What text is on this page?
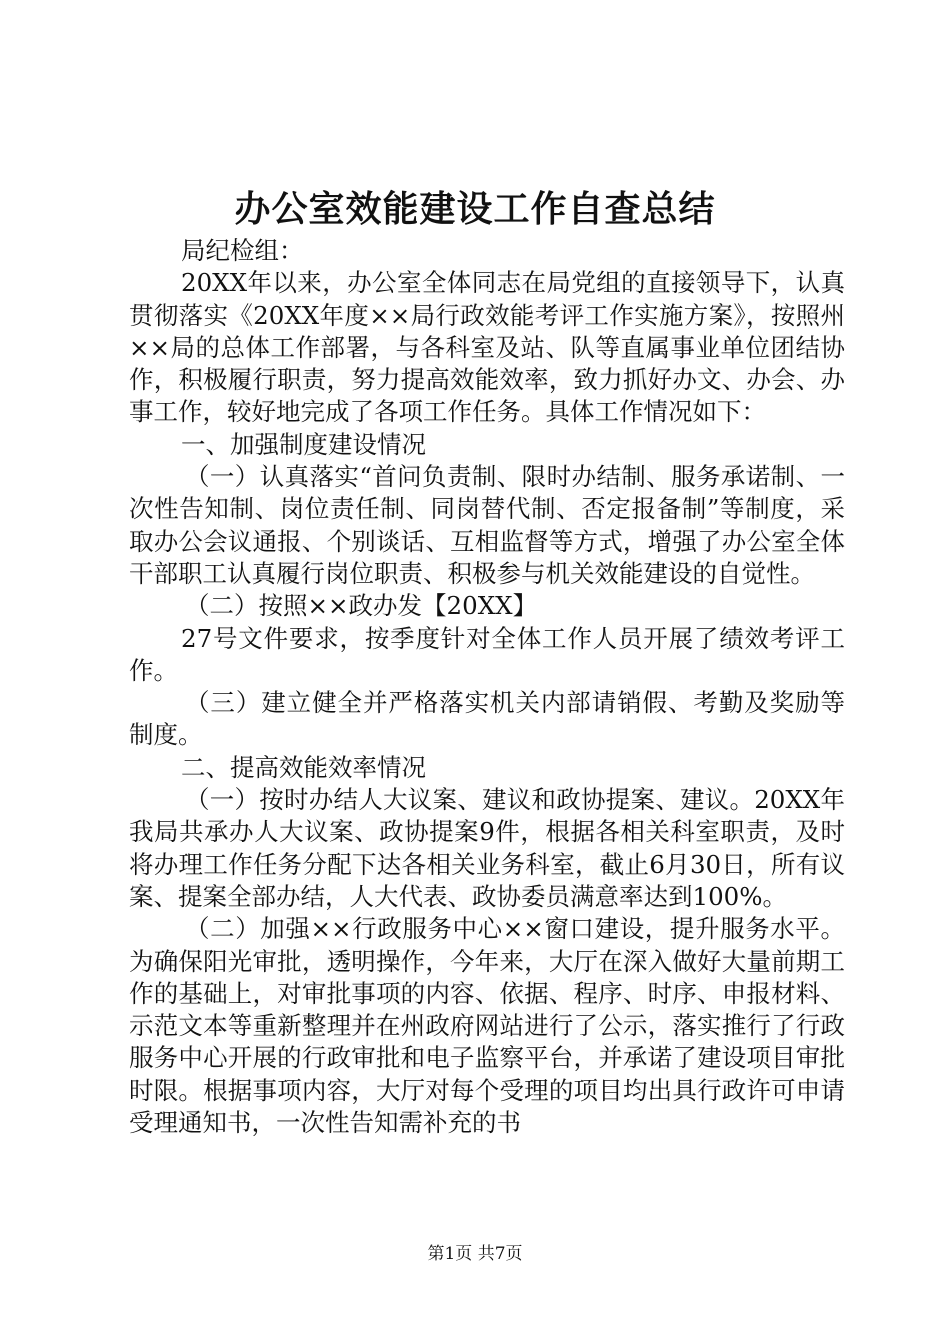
办公室效能建设工作自查总结

局纪检组：

20XX年以来，办公室全体同志在局党组的直接领导下，认真贯彻落实《20XX年度××局行政效能考评工作实施方案》，按照州××局的总体工作部署，与各科室及站、队等直属事业单位团结协作，积极履行职责，努力提高效能效率，致力抓好办文、办会、办事工作，较好地完成了各项工作任务。具体工作情况如下：

一、加强制度建设情况

（一）认真落实“首问负责制、限时办结制、服务承诺制、一次性告知制、岗位责任制、同岗替代制、否定报备制”等制度，采取办公会议通报、个别谈话、互相监督等方式，增强了办公室全体干部职工认真履行岗位职责、积极参与机关效能建设的自觉性。

（二）按照××政办发【20XX】

27号文件要求，按季度针对全体工作人员开展了绩效考评工作。

（三）建立健全并严格落实机关内部请销假、考勤及奖励等制度。

二、提高效能效率情况

（一）按时办结人大议案、建议和政协提案、建议。20XX年我局共承办人大议案、政协提案9件，根据各相关科室职责，及时将办理工作任务分配下达各相关业务科室，截止6月30日，所有议案、提案全部办结，人大代表、政协委员满意率达到100%。

（二）加强××行政服务中心××窗口建设，提升服务水平。为确保阳光审批，透明操作，今年来，大厅在深入做好大量前期工作的基础上，对审批事项的内容、依据、程序、时序、申报材料、示范文本等重新整理并在州政府网站进行了公示，落实推行了行政服务中心开展的行政审批和电子监察平台，并承诺了建设项目审批时限。根据事项内容，大厅对每个受理的项目均出具行政许可申请受理通知书，一次性告知需补充的书

第1页 共7页
